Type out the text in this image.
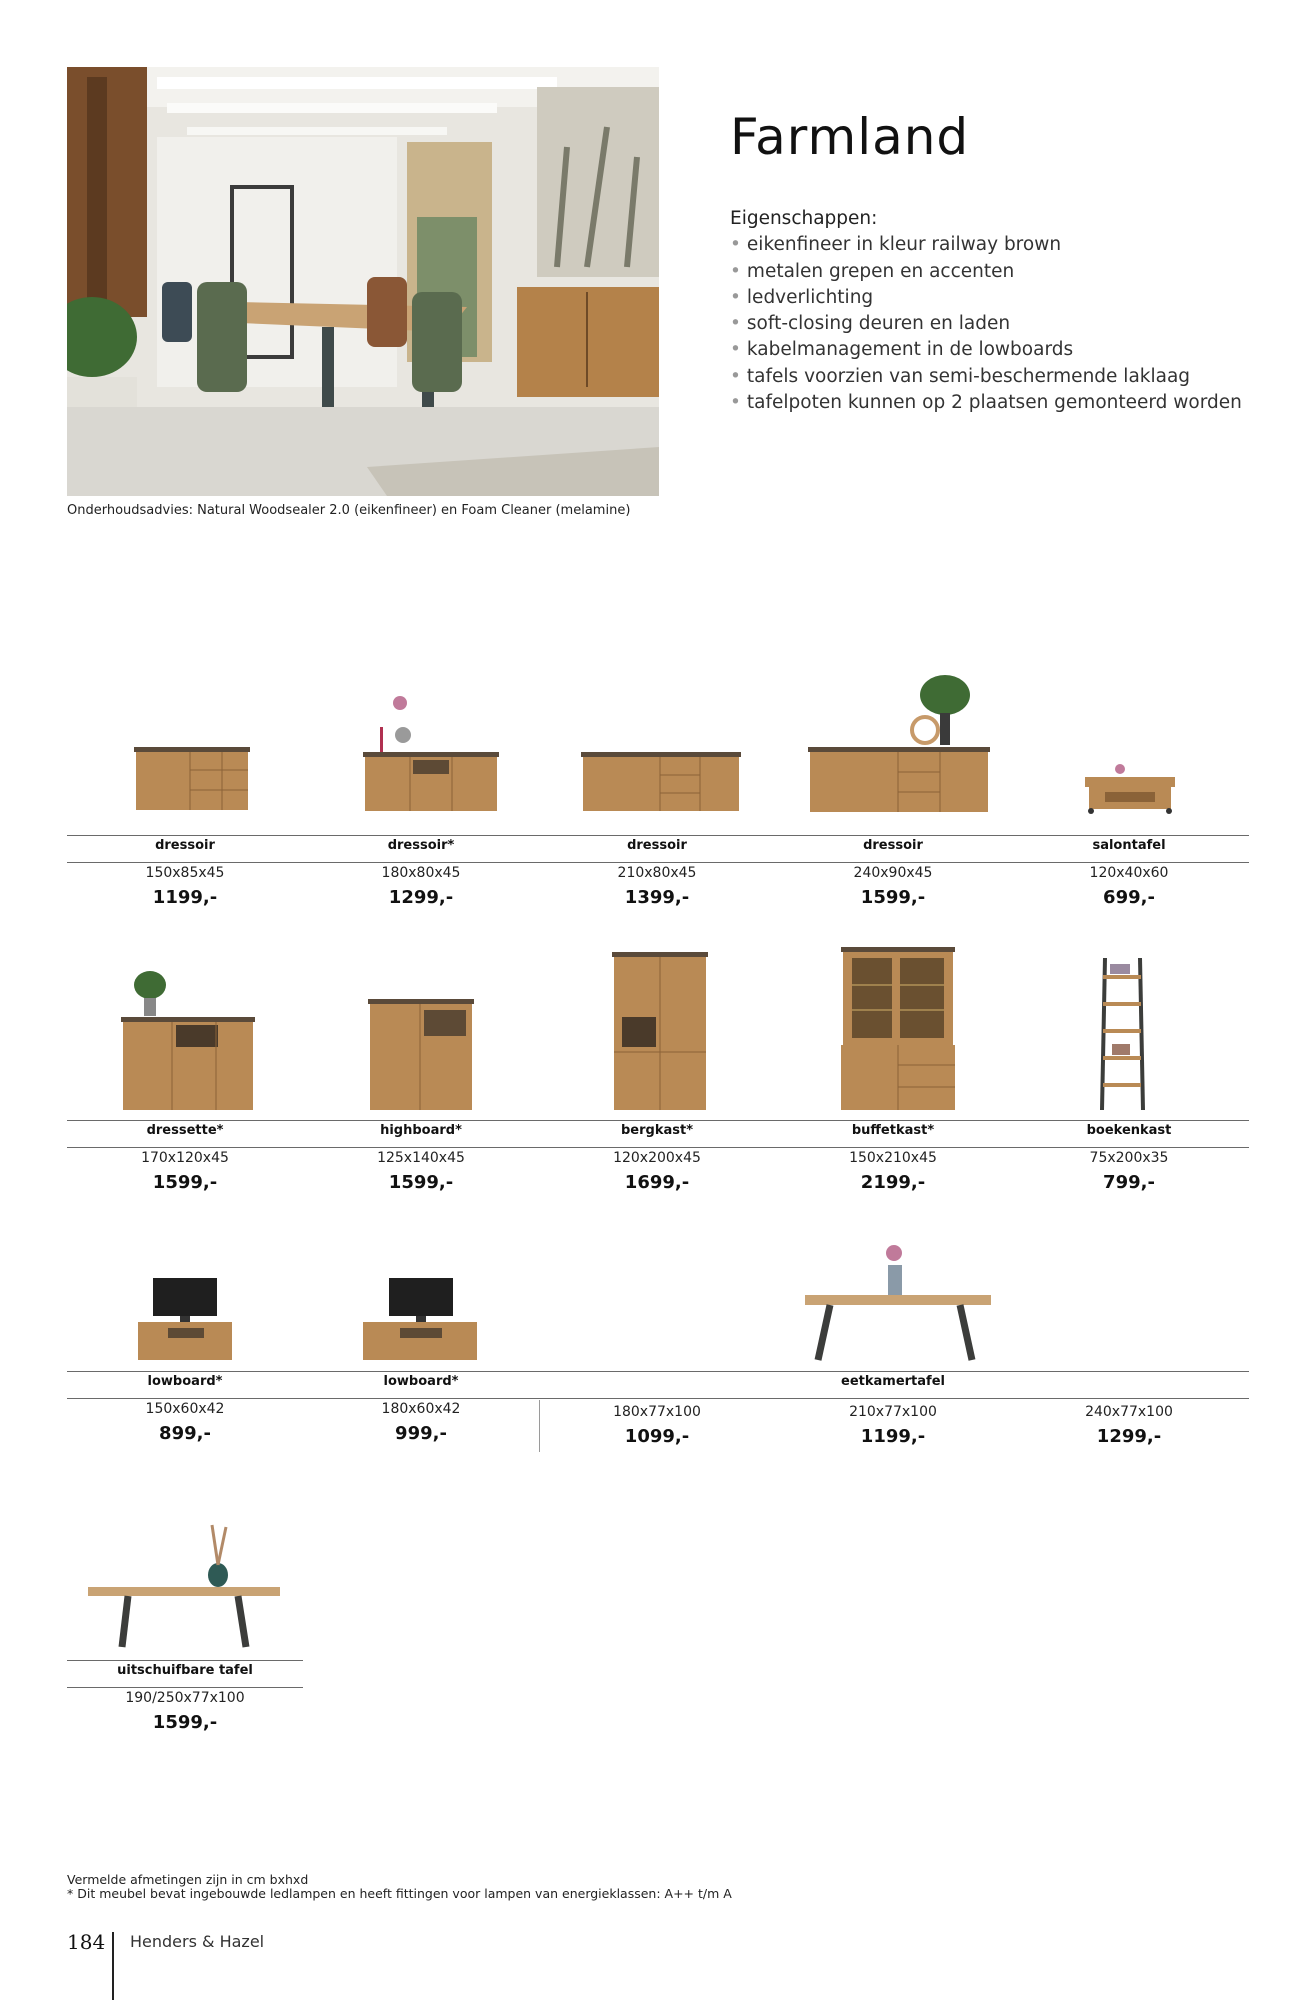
Onderhoudsadvies: Natural Woodsealer 2.0 (eikenfineer) en Foam Cleaner (melamine)
Farmland
Eigenschappen:
• eikenfineer in kleur railway brown
• metalen grepen en accenten
• ledverlichting
• soft-closing deuren en laden
• kabelmanagement in de lowboards
• tafels voorzien van semi-beschermende laklaag
• tafelpoten kunnen op 2 plaatsen gemonteerd worden
dressoir
150x85x45
1199,-
dressoir*
180x80x45
1299,-
dressoir
210x80x45
1399,-
dressoir
240x90x45
1599,-
salontafel
120x40x60
699,-
dressette*
170x120x45
1599,-
highboard*
125x140x45
1599,-
bergkast*
120x200x45
1699,-
buffetkast*
150x210x45
2199,-
boekenkast
75x200x35
799,-
lowboard*
150x60x42
899,-
lowboard*
180x60x42
999,-
eetkamertafel
180x77x100
1099,-
210x77x100
1199,-
240x77x100
1299,-
uitschuifbare tafel
190/250x77x100
1599,-
Vermelde afmetingen zijn in cm bxhxd
* Dit meubel bevat ingebouwde ledlampen en heeft fittingen voor lampen van energieklassen: A++ t/m A
184 Henders & Hazel
